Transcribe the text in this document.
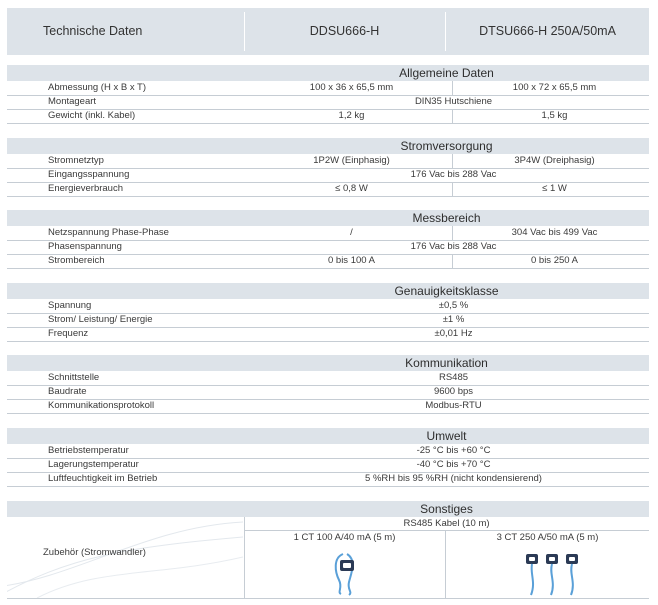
Technische Daten	DDSU666-H	DTSU666-H 250A/50mA
Allgemeine Daten
Abmessung (H x B x T)	100 x 36 x 65,5 mm	100 x 72 x 65,5 mm
Montageart	DIN35 Hutschiene
Gewicht (inkl. Kabel)	1,2 kg	1,5 kg
Stromversorgung
Stromnetztyp	1P2W (Einphasig)	3P4W (Dreiphasig)
Eingangsspannung	176 Vac bis 288 Vac
Energieverbrauch	≤ 0,8 W	≤ 1 W
Messbereich
Netzspannung Phase-Phase	/	304 Vac bis 499 Vac
Phasenspannung	176 Vac bis 288 Vac
Strombereich	0 bis 100 A	0 bis 250 A
Genauigkeitsklasse
Spannung	±0,5 %
Strom/ Leistung/ Energie	±1 %
Frequenz	±0,01 Hz
Kommunikation
Schnittstelle	RS485
Baudrate	9600 bps
Kommunikationsprotokoll	Modbus-RTU
Umwelt
Betriebstemperatur	-25 °C bis +60 °C
Lagerungstemperatur	-40 °C bis +70 °C
Luftfeuchtigkeit im Betrieb	5 %RH bis 95 %RH (nicht kondensierend)
Sonstiges
Zubehör (Stromwandler)
RS485 Kabel (10 m)
1 CT 100 A/40 mA (5 m)	3 CT 250 A/50 mA (5 m)
